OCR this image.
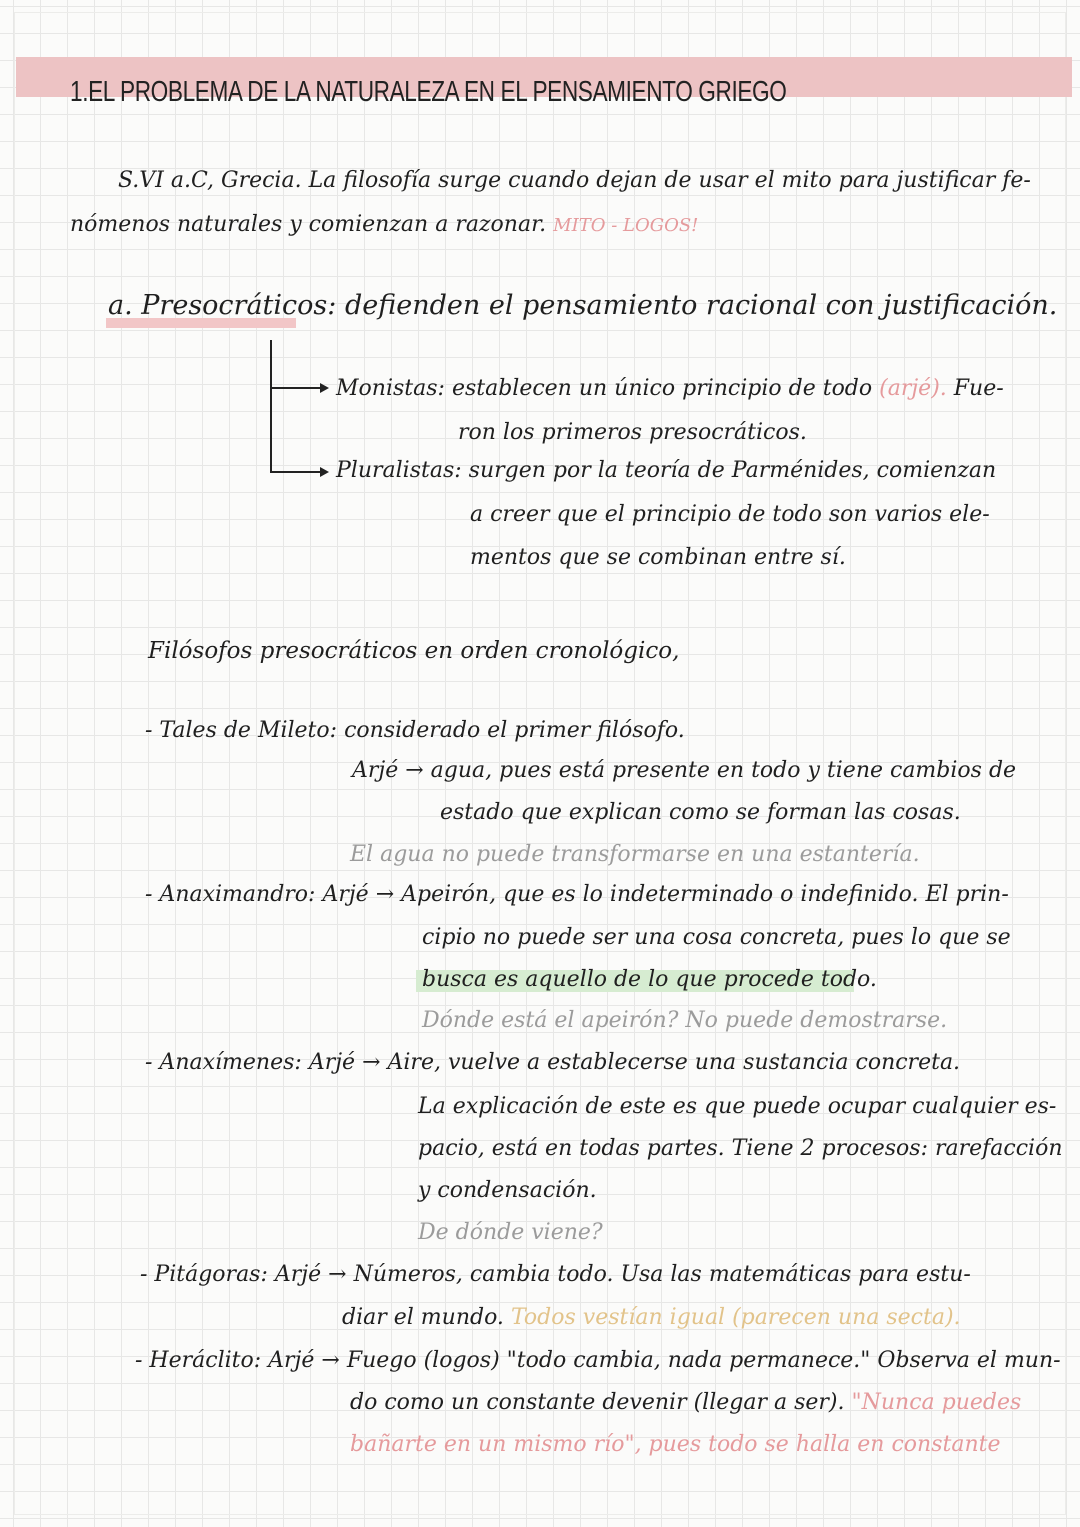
1.EL PROBLEMA DE LA NATURALEZA EN EL PENSAMIENTO GRIEGO
S.VI a.C, Grecia. La filosofía surge cuando dejan de usar el mito para justificar fe-
nómenos naturales y comienzan a razonar. MITO - LOGOS!
a. Presocráticos: defienden el pensamiento racional con justificación.
Monistas: establecen un único principio de todo (arjé). Fue-
ron los primeros presocráticos.
Pluralistas: surgen por la teoría de Parménides, comienzan
a creer que el principio de todo son varios ele-
mentos que se combinan entre sí.
Filósofos presocráticos en orden cronológico,
- Tales de Mileto: considerado el primer filósofo.
Arjé → agua, pues está presente en todo y tiene cambios de
estado que explican como se forman las cosas.
El agua no puede transformarse en una estantería.
- Anaximandro: Arjé → Apeirón, que es lo indeterminado o indefinido. El prin-
cipio no puede ser una cosa concreta, pues lo que se
busca es aquello de lo que procede todo.
Dónde está el apeirón? No puede demostrarse.
- Anaxímenes: Arjé → Aire, vuelve a establecerse una sustancia concreta.
La explicación de este es que puede ocupar cualquier es-
pacio, está en todas partes. Tiene 2 procesos: rarefacción
y condensación.
De dónde viene?
- Pitágoras: Arjé → Números, cambia todo. Usa las matemáticas para estu-
diar el mundo. Todos vestían igual (parecen una secta).
- Heráclito: Arjé → Fuego (logos) "todo cambia, nada permanece." Observa el mun-
do como un constante devenir (llegar a ser). "Nunca puedes
bañarte en un mismo río", pues todo se halla en constante
